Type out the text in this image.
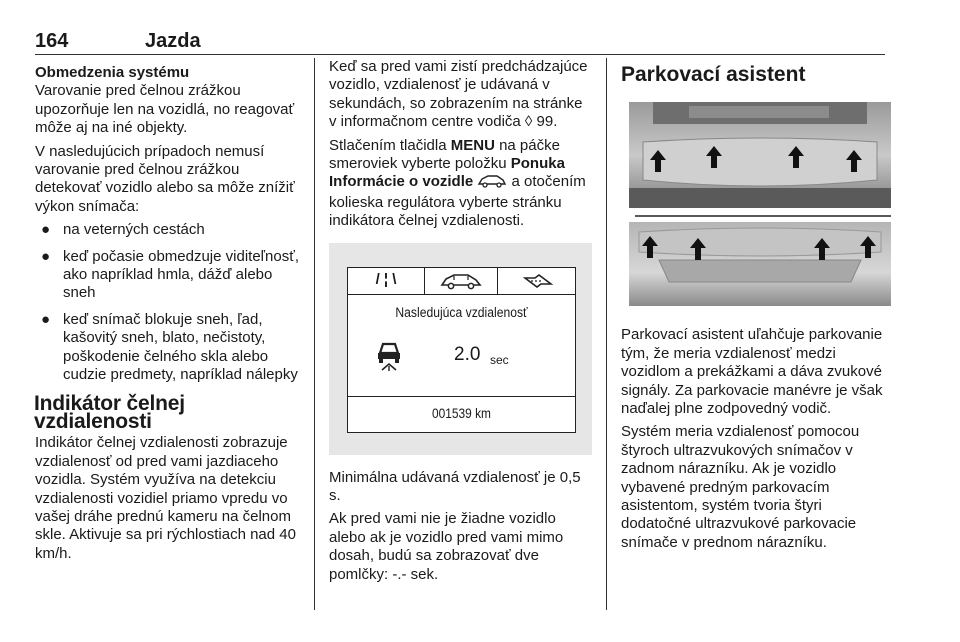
164	Jazda
Obmedzenia systému

Varovanie pred čelnou zrážkou upozorňuje len na vozidlá, no reagovať môže aj na iné objekty.

V nasledujúcich prípadoch nemusí varovanie pred čelnou zrážkou detekovať vozidlo alebo sa môže znížiť výkon snímača:

● na veterných cestách
● keď počasie obmedzuje viditeľnosť, ako napríklad hmla, dážď alebo sneh
● keď snímač blokuje sneh, ľad, kašovitý sneh, blato, nečistoty, poškodenie čelného skla alebo cudzie predmety, napríklad nálepky
Indikátor čelnej vzdialenosti

Indikátor čelnej vzdialenosti zobrazuje vzdialenosť od pred vami jazdiaceho vozidla. Systém využíva na detekciu vzdialenosti vozidiel priamo vpredu vo vašej dráhe prednú kameru na čelnom skle. Aktivuje sa pri rýchlostiach nad 40 km/h.

Keď sa pred vami zistí predchádzajúce vozidlo, vzdialenosť je udávaná v sekundách, so zobrazením na stránke v informačnom centre vodiča ◊ 99.

Stlačením tlačidla MENU na páčke smeroviek vyberte položku Ponuka Informácie o vozidle  a otočením kolieska regulátora vyberte stránku indikátora čelnej vzdialenosti.

/ ¦ \
Nasledujúca vzdialenosť
2.0 sec
001539 km

Minimálna udávaná vzdialenosť je 0,5 s.

Ak pred vami nie je žiadne vozidlo alebo ak je vozidlo pred vami mimo dosah, budú sa zobrazovať dve pomlčky: -.- sek.

Parkovací asistent

Parkovací asistent uľahčuje parkovanie tým, že meria vzdialenosť medzi vozidlom a prekážkami a dáva zvukové signály. Za parkovacie manévre je však naďalej plne zodpovedný vodič.

Systém meria vzdialenosť pomocou štyroch ultrazvukových snímačov v zadnom nárazníku. Ak je vozidlo vybavené predným parkovacím asistentom, systém tvoria štyri dodatočné ultrazvukové parkovacie snímače v prednom nárazníku.
